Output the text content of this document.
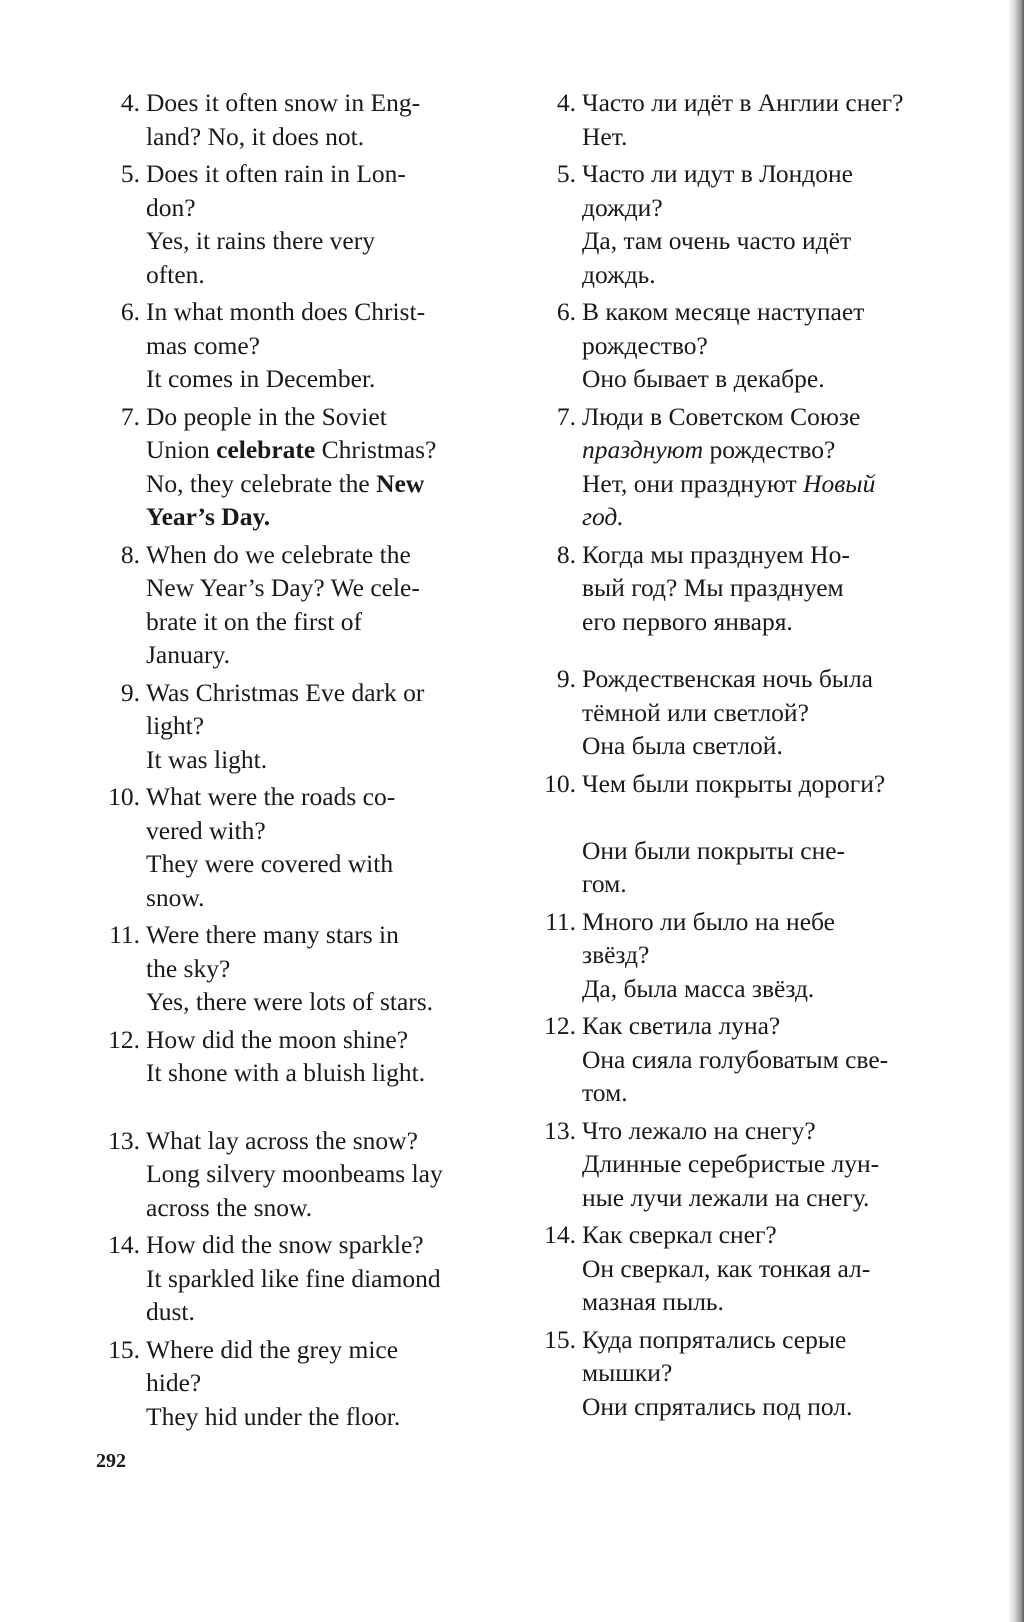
4. Does it often snow in Eng-
land? No, it does not.
5. Does it often rain in Lon-
don?
Yes, it rains there very
often.
6. In what month does Christ-
mas come?
It comes in December.
7. Do people in the Soviet
Union celebrate Christmas?
No, they celebrate the New
Year’s Day.
8. When do we celebrate the
New Year’s Day? We cele-
brate it on the first of
January.
9. Was Christmas Eve dark or
light?
It was light.
10. What were the roads co-
vered with?
They were covered with
snow.
11. Were there many stars in
the sky?
Yes, there were lots of stars.
12. How did the moon shine?
It shone with a bluish light.
13. What lay across the snow?
Long silvery moonbeams lay
across the snow.
14. How did the snow sparkle?
It sparkled like fine diamond
dust.
15. Where did the grey mice
hide?
They hid under the floor.
4. Часто ли идёт в Англии снег?
Нет.
5. Часто ли идут в Лондоне
дожди?
Да, там очень часто идёт
дождь.
6. В каком месяце наступает
рождество?
Оно бывает в декабре.
7. Люди в Советском Союзе
празднуют рождество?
Нет, они празднуют Новый
год.
8. Когда мы празднуем Но-
вый год? Мы празднуем
его первого января.
9. Рождественская ночь была
тёмной или светлой?
Она была светлой.
10. Чем были покрыты дороги?

Они были покрыты сне-
гом.
11. Много ли было на небе
звёзд?
Да, была масса звёзд.
12. Как светила луна?
Она сияла голубоватым све-
том.
13. Что лежало на снегу?
Длинные серебристые лун-
ные лучи лежали на снегу.
14. Как сверкал снег?
Он сверкал, как тонкая ал-
мазная пыль.
15. Куда попрятались серые
мышки?
Они спрятались под пол.
292
